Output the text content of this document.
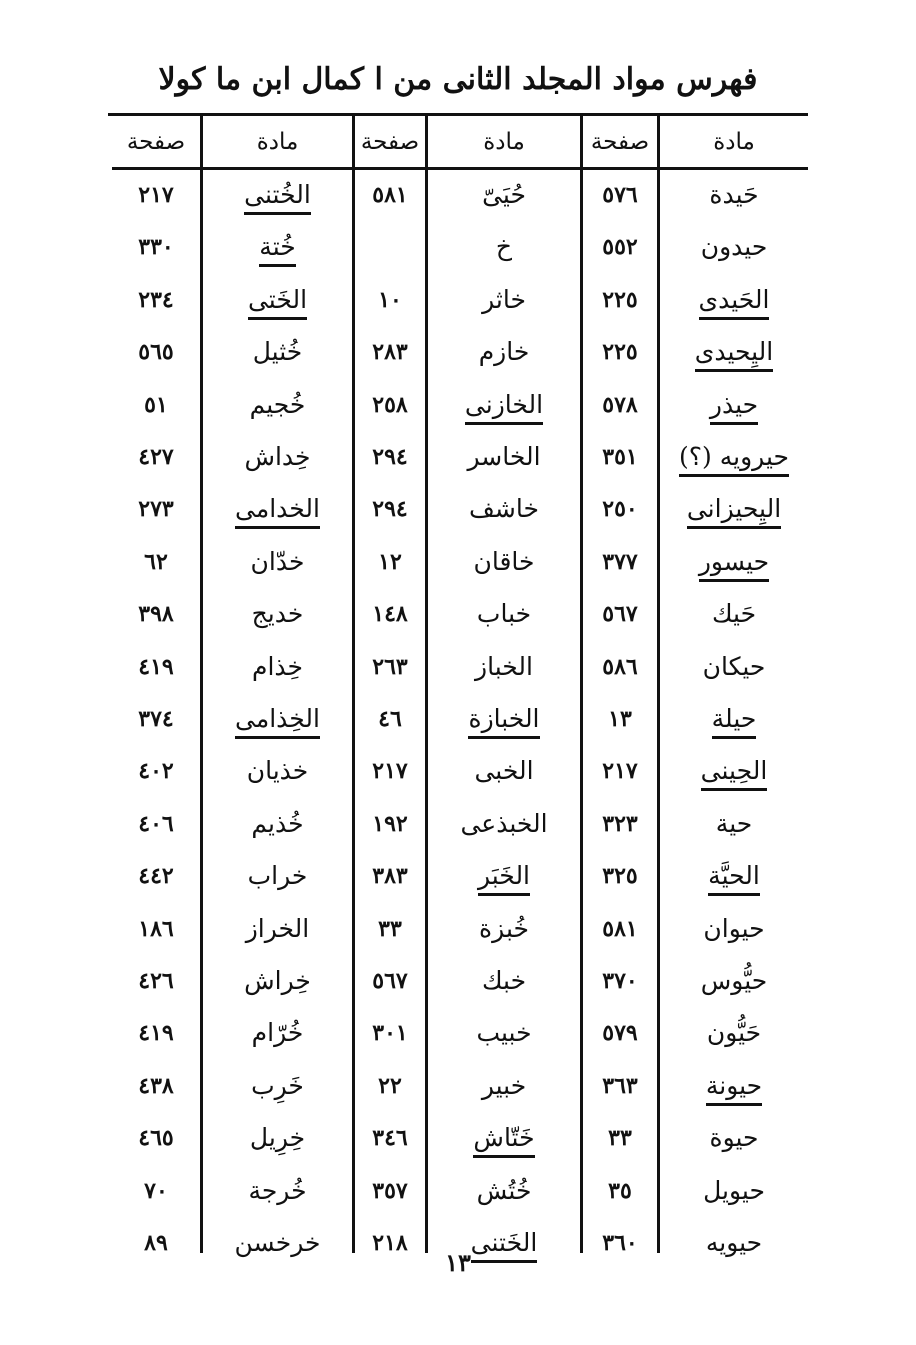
فهرس مواد المجلد الثانى من ا كمال ابن ما كولا
مادة
صفحة
مادة
صفحة
مادة
صفحة
حَيدة
٥٧٦
حيدون
٥٥٢
الحَيدى
٢٢٥
اليِحيدى
٢٢٥
حيذر
٥٧٨
حيرويه (؟)
٣٥١
اليِحيزانى
٢٥٠
حيسور
٣٧٧
حَيك
٥٦٧
حيكان
٥٨٦
حيلة
١٣
الحِينى
٢١٧
حية
٣٢٣
الحيَّة
٣٢٥
حيوان
٥٨١
حيُّوس
٣٧٠
حَيُّون
٥٧٩
حيونة
٣٦٣
حيوة
٣٣
حيويل
٣٥
حيويه
٣٦٠
حُيَىّ
٥٨١
خ
خاثر
١٠
خازم
٢٨٣
الخازنى
٢٥٨
الخاسر
٢٩٤
خاشف
٢٩٤
خاقان
١٢
خباب
١٤٨
الخباز
٢٦٣
الخبازة
٤٦
الخبى
٢١٧
الخبذعى
١٩٢
الخَبَر
٣٨٣
خُبزة
٣٣
خبك
٥٦٧
خبيب
٣٠١
خبير
٢٢
خَتّاش
٣٤٦
خُتُش
٣٥٧
الخَتنى
٢١٨
الخُتنى
٢١٧
خُتة
٣٣٠
الخَتى
٢٣٤
خُثيل
٥٦٥
خُجيم
٥١
خِداش
٤٢٧
الخدامى
٢٧٣
خدّان
٦٢
خديج
٣٩٨
خِذام
٤١٩
الخِذامى
٣٧٤
خذيان
٤٠٢
خُذيم
٤٠٦
خراب
٤٤٢
الخراز
١٨٦
خِراش
٤٢٦
خُرّام
٤١٩
خَرِب
٤٣٨
خِرِيل
٤٦٥
خُرجة
٧٠
خرخسن
٨٩
١٣
